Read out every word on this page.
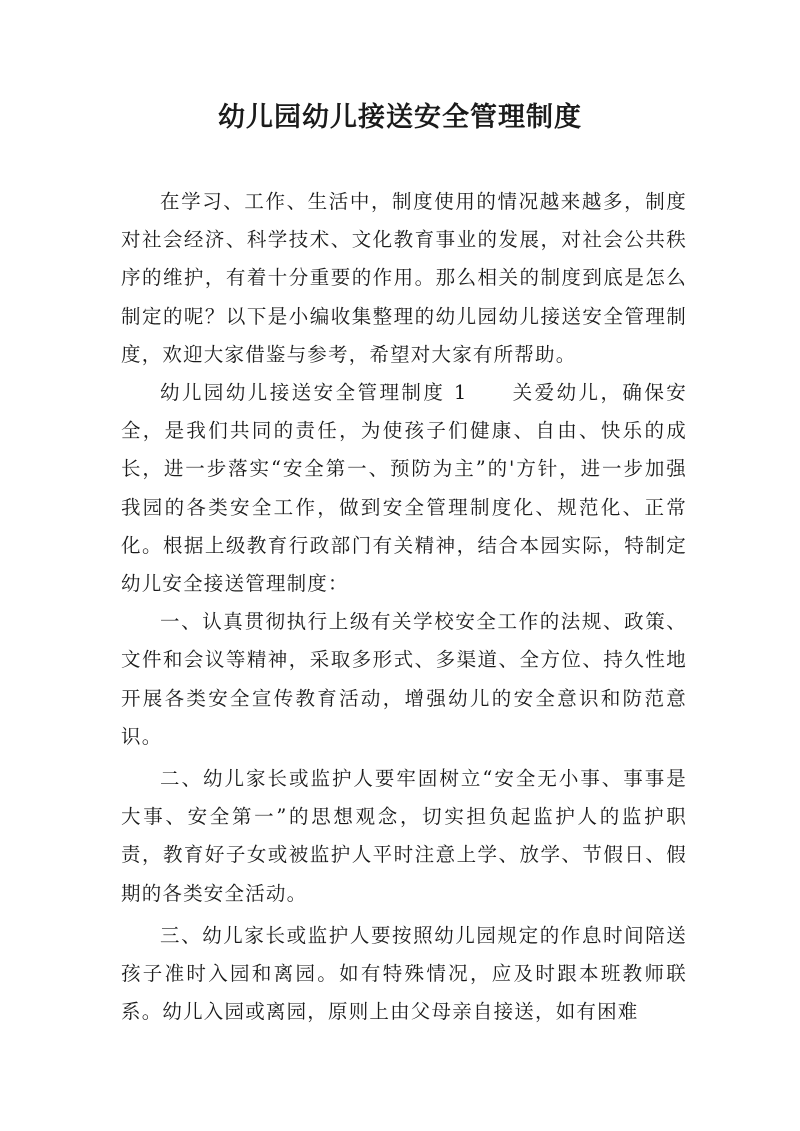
幼儿园幼儿接送安全管理制度

在学习、工作、生活中，制度使用的情况越来越多，制度对社会经济、科学技术、文化教育事业的发展，对社会公共秩序的维护，有着十分重要的作用。那么相关的制度到底是怎么制定的呢？以下是小编收集整理的幼儿园幼儿接送安全管理制度，欢迎大家借鉴与参考，希望对大家有所帮助。

幼儿园幼儿接送安全管理制度 1　　关爱幼儿，确保安全，是我们共同的责任，为使孩子们健康、自由、快乐的成长，进一步落实“安全第一、预防为主”的'方针，进一步加强我园的各类安全工作，做到安全管理制度化、规范化、正常化。根据上级教育行政部门有关精神，结合本园实际，特制定幼儿安全接送管理制度：

一、认真贯彻执行上级有关学校安全工作的法规、政策、文件和会议等精神，采取多形式、多渠道、全方位、持久性地开展各类安全宣传教育活动，增强幼儿的安全意识和防范意识。

二、幼儿家长或监护人要牢固树立“安全无小事、事事是大事、安全第一”的思想观念，切实担负起监护人的监护职责，教育好子女或被监护人平时注意上学、放学、节假日、假期的各类安全活动。

三、幼儿家长或监护人要按照幼儿园规定的作息时间陪送孩子准时入园和离园。如有特殊情况，应及时跟本班教师联系。幼儿入园或离园，原则上由父母亲自接送，如有困难
